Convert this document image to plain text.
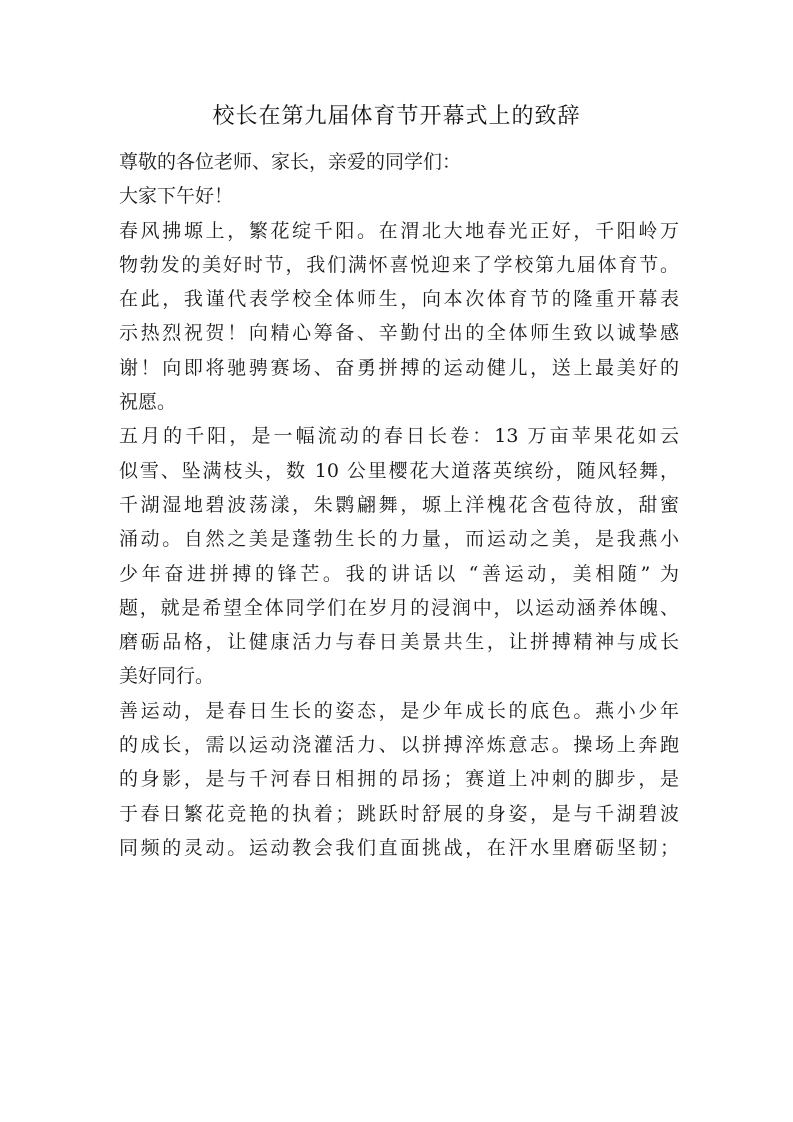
校长在第九届体育节开幕式上的致辞
尊敬的各位老师、家长，亲爱的同学们：
大家下午好！
春风拂塬上，繁花绽千阳。在渭北大地春光正好，千阳岭万
物勃发的美好时节，我们满怀喜悦迎来了学校第九届体育节。
在此，我谨代表学校全体师生，向本次体育节的隆重开幕表
示热烈祝贺！向精心筹备、辛勤付出的全体师生致以诚挚感
谢！向即将驰骋赛场、奋勇拼搏的运动健儿，送上最美好的
祝愿。
五月的千阳，是一幅流动的春日长卷：13 万亩苹果花如云
似雪、坠满枝头，数 10 公里樱花大道落英缤纷，随风轻舞，
千湖湿地碧波荡漾，朱鹮翩舞，塬上洋槐花含苞待放，甜蜜
涌动。自然之美是蓬勃生长的力量，而运动之美，是我燕小
少年奋进拼搏的锋芒。我的讲话以 “善运动，美相随” 为
题，就是希望全体同学们在岁月的浸润中，以运动涵养体魄、
磨砺品格，让健康活力与春日美景共生，让拼搏精神与成长
美好同行。
善运动，是春日生长的姿态，是少年成长的底色。燕小少年
的成长，需以运动浇灌活力、以拼搏淬炼意志。操场上奔跑
的身影，是与千河春日相拥的昂扬；赛道上冲刺的脚步，是
于春日繁花竞艳的执着；跳跃时舒展的身姿，是与千湖碧波
同频的灵动。运动教会我们直面挑战，在汗水里磨砺坚韧；
